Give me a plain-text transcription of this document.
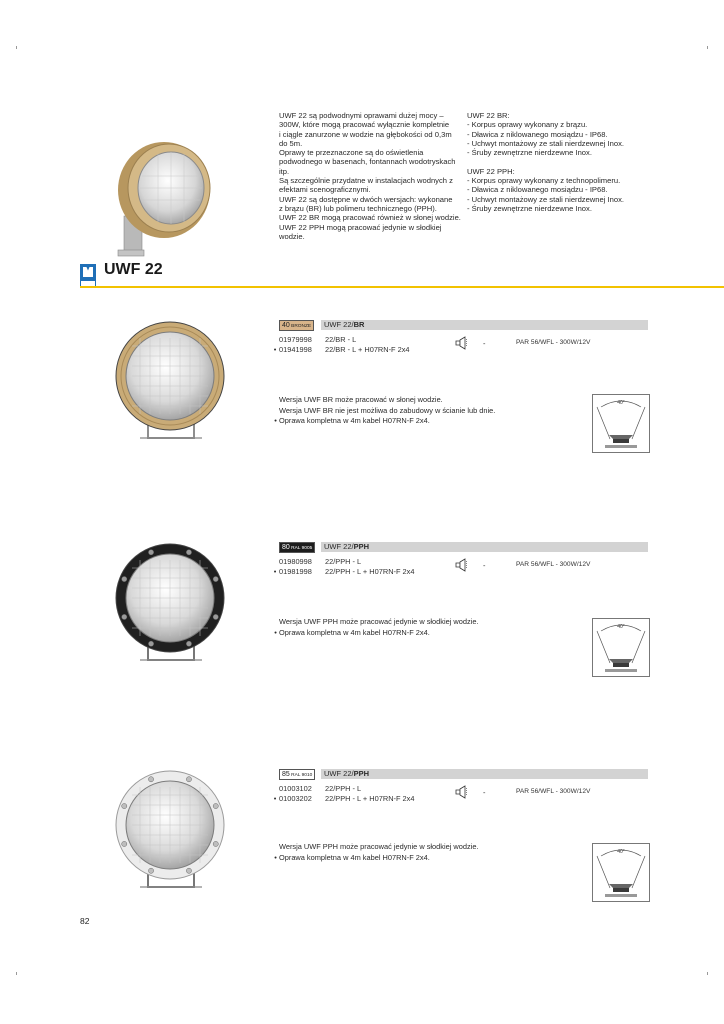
UWF 22 są podwodnymi oprawami dużej mocy –
300W, które mogą pracować wyłącznie kompletnie
i ciągle zanurzone w wodzie na głębokości od 0,3m
do 5m.
Oprawy te przeznaczone są do oświetlenia
podwodnego w basenach, fontannach wodotryskach
itp.
Są szczególnie przydatne w instalacjach wodnych z
efektami scenograficznymi.
UWF 22 są dostępne w dwóch wersjach: wykonane
z brązu (BR) lub polimeru technicznego (PPH).
UWF 22 BR mogą pracować również w słonej wodzie.
UWF 22 PPH mogą pracować jedynie w słodkiej
wodzie.
UWF 22 BR:
- Korpus oprawy wykonany z brązu.
- Dławica z niklowanego mosiądzu - IP68.
- Uchwyt montażowy ze stali nierdzewnej Inox.
- Śruby zewnętrzne nierdzewne Inox.

UWF 22 PPH:
- Korpus oprawy wykonany z technopolimeru.
- Dławica z niklowanego mosiądzu - IP68.
- Uchwyt montażowy ze stali nierdzewnej Inox.
- Śruby zewnętrzne nierdzewne Inox.
UWF 22
40 BRONZE	UWF 22/BR
01979998 22/BR - L
• 01941998 22/BR - L + H07RN-F 2x4
-	PAR 56/WFL - 300W/12V
Wersja UWF BR może pracować w słonej wodzie.
Wersja UWF BR nie jest możliwa do zabudowy w ścianie lub dnie.
• Oprawa kompletna w 4m kabel H07RN-F 2x4.
40°
80 RAL 9005	UWF 22/PPH
01980998 22/PPH - L
• 01981998 22/PPH - L + H07RN-F 2x4
-	PAR 56/WFL - 300W/12V
Wersja UWF PPH może pracować jedynie w słodkiej wodzie.
• Oprawa kompletna w 4m kabel H07RN-F 2x4.
40°
85 RAL 9010	UWF 22/PPH
01003102 22/PPH - L
• 01003202 22/PPH - L + H07RN-F 2x4
-	PAR 56/WFL - 300W/12V
Wersja UWF PPH może pracować jedynie w słodkiej wodzie.
• Oprawa kompletna w 4m kabel H07RN-F 2x4.
40°
82
